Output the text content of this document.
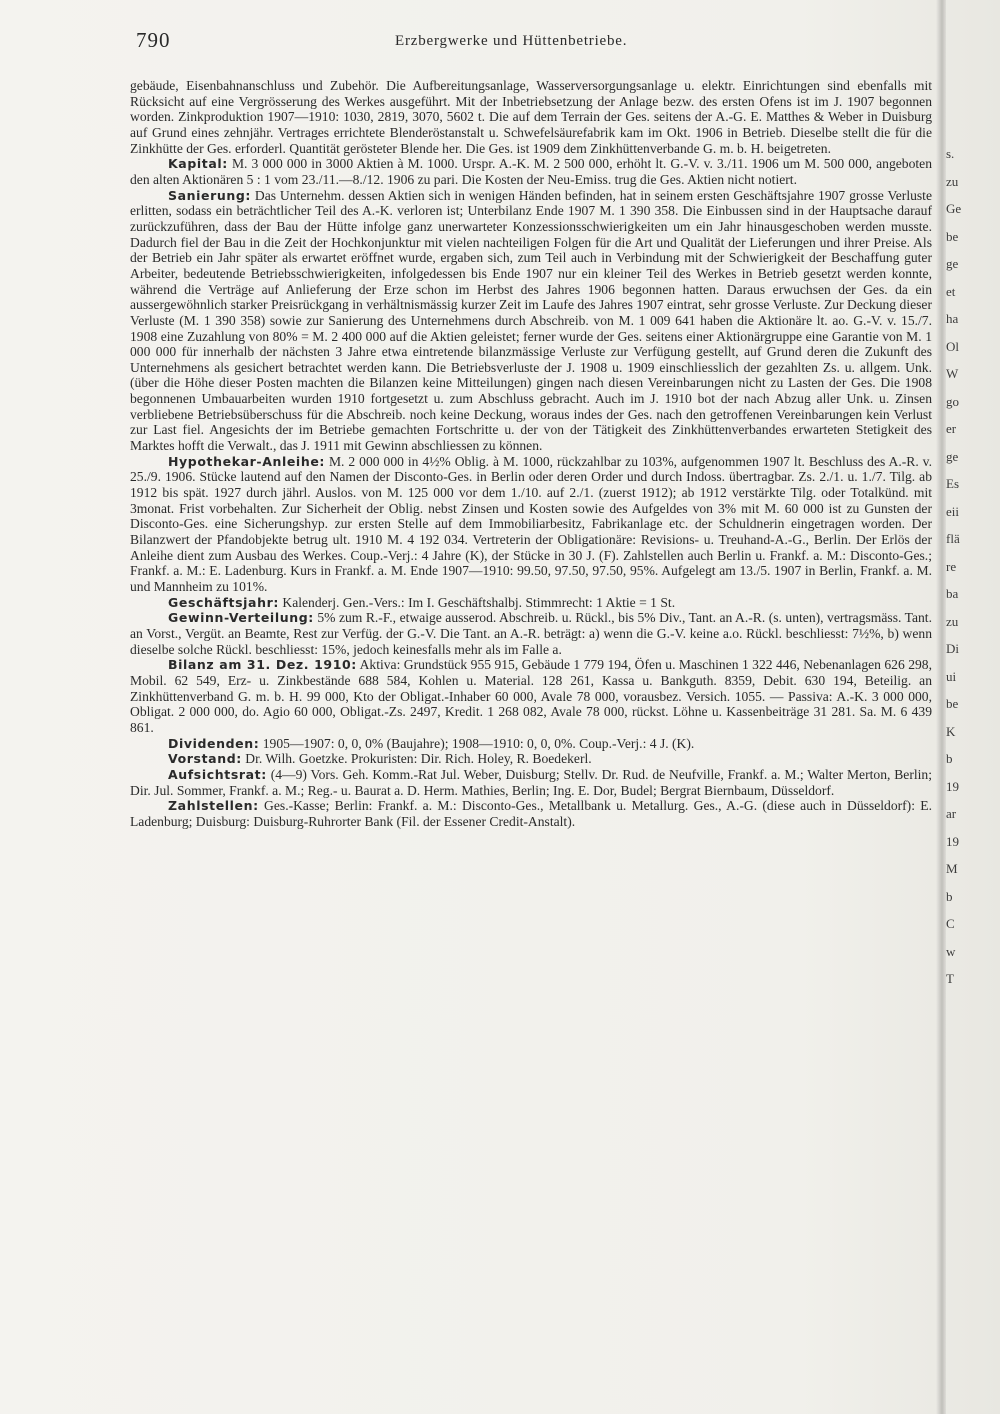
790	Erzbergwerke und Hüttenbetriebe.

gebäude, Eisenbahnanschluss und Zubehör. Die Aufbereitungsanlage, Wasserversorgungsanlage u. elektr. Einrichtungen sind ebenfalls mit Rücksicht auf eine Vergrösserung des Werkes ausgeführt. Mit der Inbetriebsetzung der Anlage bezw. des ersten Ofens ist im J. 1907 begonnen worden. Zinkproduktion 1907—1910: 1030, 2819, 3070, 5602 t. Die auf dem Terrain der Ges. seitens der A.-G. E. Matthes & Weber in Duisburg auf Grund eines zehnjähr. Vertrages errichtete Blenderöstanstalt u. Schwefelsäurefabrik kam im Okt. 1906 in Betrieb. Dieselbe stellt die für die Zinkhütte der Ges. erforderl. Quantität gerösteter Blende her. Die Ges. ist 1909 dem Zinkhüttenverbande G. m. b. H. beigetreten.

Kapital: M. 3 000 000 in 3000 Aktien à M. 1000. Urspr. A.-K. M. 2 500 000, erhöht lt. G.-V. v. 3./11. 1906 um M. 500 000, angeboten den alten Aktionären 5 : 1 vom 23./11.—8./12. 1906 zu pari. Die Kosten der Neu-Emiss. trug die Ges. Aktien nicht notiert.

Sanierung: Das Unternehm. dessen Aktien sich in wenigen Händen befinden, hat in seinem ersten Geschäftsjahre 1907 grosse Verluste erlitten, sodass ein beträchtlicher Teil des A.-K. verloren ist; Unterbilanz Ende 1907 M. 1 390 358. Die Einbussen sind in der Hauptsache darauf zurückzuführen, dass der Bau der Hütte infolge ganz unerwarteter Konzessionsschwierigkeiten um ein Jahr hinausgeschoben werden musste. Dadurch fiel der Bau in die Zeit der Hochkonjunktur mit vielen nachteiligen Folgen für die Art und Qualität der Lieferungen und ihrer Preise. Als der Betrieb ein Jahr später als erwartet eröffnet wurde, ergaben sich, zum Teil auch in Verbindung mit der Schwierigkeit der Beschaffung guter Arbeiter, bedeutende Betriebsschwierigkeiten, infolgedessen bis Ende 1907 nur ein kleiner Teil des Werkes in Betrieb gesetzt werden konnte, während die Verträge auf Anlieferung der Erze schon im Herbst des Jahres 1906 begonnen hatten. Daraus erwuchsen der Ges. da ein aussergewöhnlich starker Preisrückgang in verhältnismässig kurzer Zeit im Laufe des Jahres 1907 eintrat, sehr grosse Verluste. Zur Deckung dieser Verluste (M. 1 390 358) sowie zur Sanierung des Unternehmens durch Abschreib. von M. 1 009 641 haben die Aktionäre lt. ao. G.-V. v. 15./7. 1908 eine Zuzahlung von 80% = M. 2 400 000 auf die Aktien geleistet; ferner wurde der Ges. seitens einer Aktionärgruppe eine Garantie von M. 1 000 000 für innerhalb der nächsten 3 Jahre etwa eintretende bilanzmässige Verluste zur Verfügung gestellt, auf Grund deren die Zukunft des Unternehmens als gesichert betrachtet werden kann. Die Betriebsverluste der J. 1908 u. 1909 einschliesslich der gezahlten Zs. u. allgem. Unk. (über die Höhe dieser Posten machten die Bilanzen keine Mitteilungen) gingen nach diesen Vereinbarungen nicht zu Lasten der Ges. Die 1908 begonnenen Umbauarbeiten wurden 1910 fortgesetzt u. zum Abschluss gebracht. Auch im J. 1910 bot der nach Abzug aller Unk. u. Zinsen verbliebene Betriebsüberschuss für die Abschreib. noch keine Deckung, woraus indes der Ges. nach den getroffenen Vereinbarungen kein Verlust zur Last fiel. Angesichts der im Betriebe gemachten Fortschritte u. der von der Tätigkeit des Zinkhüttenverbandes erwarteten Stetigkeit des Marktes hofft die Verwalt., das J. 1911 mit Gewinn abschliessen zu können.

Hypothekar-Anleihe: M. 2 000 000 in 4½% Oblig. à M. 1000, rückzahlbar zu 103%, aufgenommen 1907 lt. Beschluss des A.-R. v. 25./9. 1906. Stücke lautend auf den Namen der Disconto-Ges. in Berlin oder deren Order und durch Indoss. übertragbar. Zs. 2./1. u. 1./7. Tilg. ab 1912 bis spät. 1927 durch jährl. Auslos. von M. 125 000 vor dem 1./10. auf 2./1. (zuerst 1912); ab 1912 verstärkte Tilg. oder Totalkünd. mit 3monat. Frist vorbehalten. Zur Sicherheit der Oblig. nebst Zinsen und Kosten sowie des Aufgeldes von 3% mit M. 60 000 ist zu Gunsten der Disconto-Ges. eine Sicherungshyp. zur ersten Stelle auf dem Immobiliarbesitz, Fabrikanlage etc. der Schuldnerin eingetragen worden. Der Bilanzwert der Pfandobjekte betrug ult. 1910 M. 4 192 034. Vertreterin der Obligationäre: Revisions- u. Treuhand-A.-G., Berlin. Der Erlös der Anleihe dient zum Ausbau des Werkes. Coup.-Verj.: 4 Jahre (K), der Stücke in 30 J. (F). Zahlstellen auch Berlin u. Frankf. a. M.: Disconto-Ges.; Frankf. a. M.: E. Ladenburg. Kurs in Frankf. a. M. Ende 1907—1910: 99.50, 97.50, 97.50, 95%. Aufgelegt am 13./5. 1907 in Berlin, Frankf. a. M. und Mannheim zu 101%.

Geschäftsjahr: Kalenderj. Gen.-Vers.: Im I. Geschäftshalbj. Stimmrecht: 1 Aktie = 1 St.

Gewinn-Verteilung: 5% zum R.-F., etwaige ausserod. Abschreib. u. Rückl., bis 5% Div., Tant. an A.-R. (s. unten), vertragsmäss. Tant. an Vorst., Vergüt. an Beamte, Rest zur Verfüg. der G.-V. Die Tant. an A.-R. beträgt: a) wenn die G.-V. keine a.o. Rückl. beschliesst: 7½%, b) wenn dieselbe solche Rückl. beschliesst: 15%, jedoch keinesfalls mehr als im Falle a.

Bilanz am 31. Dez. 1910: Aktiva: Grundstück 955 915, Gebäude 1 779 194, Öfen u. Maschinen 1 322 446, Nebenanlagen 626 298, Mobil. 62 549, Erz- u. Zinkbestände 688 584, Kohlen u. Material. 128 261, Kassa u. Bankguth. 8359, Debit. 630 194, Beteilig. an Zinkhüttenverband G. m. b. H. 99 000, Kto der Obligat.-Inhaber 60 000, Avale 78 000, vorausbez. Versich. 1055. — Passiva: A.-K. 3 000 000, Obligat. 2 000 000, do. Agio 60 000, Obligat.-Zs. 2497, Kredit. 1 268 082, Avale 78 000, rückst. Löhne u. Kassenbeiträge 31 281. Sa. M. 6 439 861.

Dividenden: 1905—1907: 0, 0, 0% (Baujahre); 1908—1910: 0, 0, 0%. Coup.-Verj.: 4 J. (K).

Vorstand: Dr. Wilh. Goetzke. Prokuristen: Dir. Rich. Holey, R. Boedekerl.

Aufsichtsrat: (4—9) Vors. Geh. Komm.-Rat Jul. Weber, Duisburg; Stellv. Dr. Rud. de Neufville, Frankf. a. M.; Walter Merton, Berlin; Dir. Jul. Sommer, Frankf. a. M.; Reg.- u. Baurat a. D. Herm. Mathies, Berlin; Ing. E. Dor, Budel; Bergrat Biernbaum, Düsseldorf.

Zahlstellen: Ges.-Kasse; Berlin: Frankf. a. M.: Disconto-Ges., Metallbank u. Metallurg. Ges., A.-G. (diese auch in Düsseldorf): E. Ladenburg; Duisburg: Duisburg-Ruhrorter Bank (Fil. der Essener Credit-Anstalt).

s.
zu
Ge
be
ge
et
ha
Ol
W
go
er
ge
Es
eii
flä
re
ba
zu
Di
ui
be
K
b
19
ar
19
M
b
C
w
T
